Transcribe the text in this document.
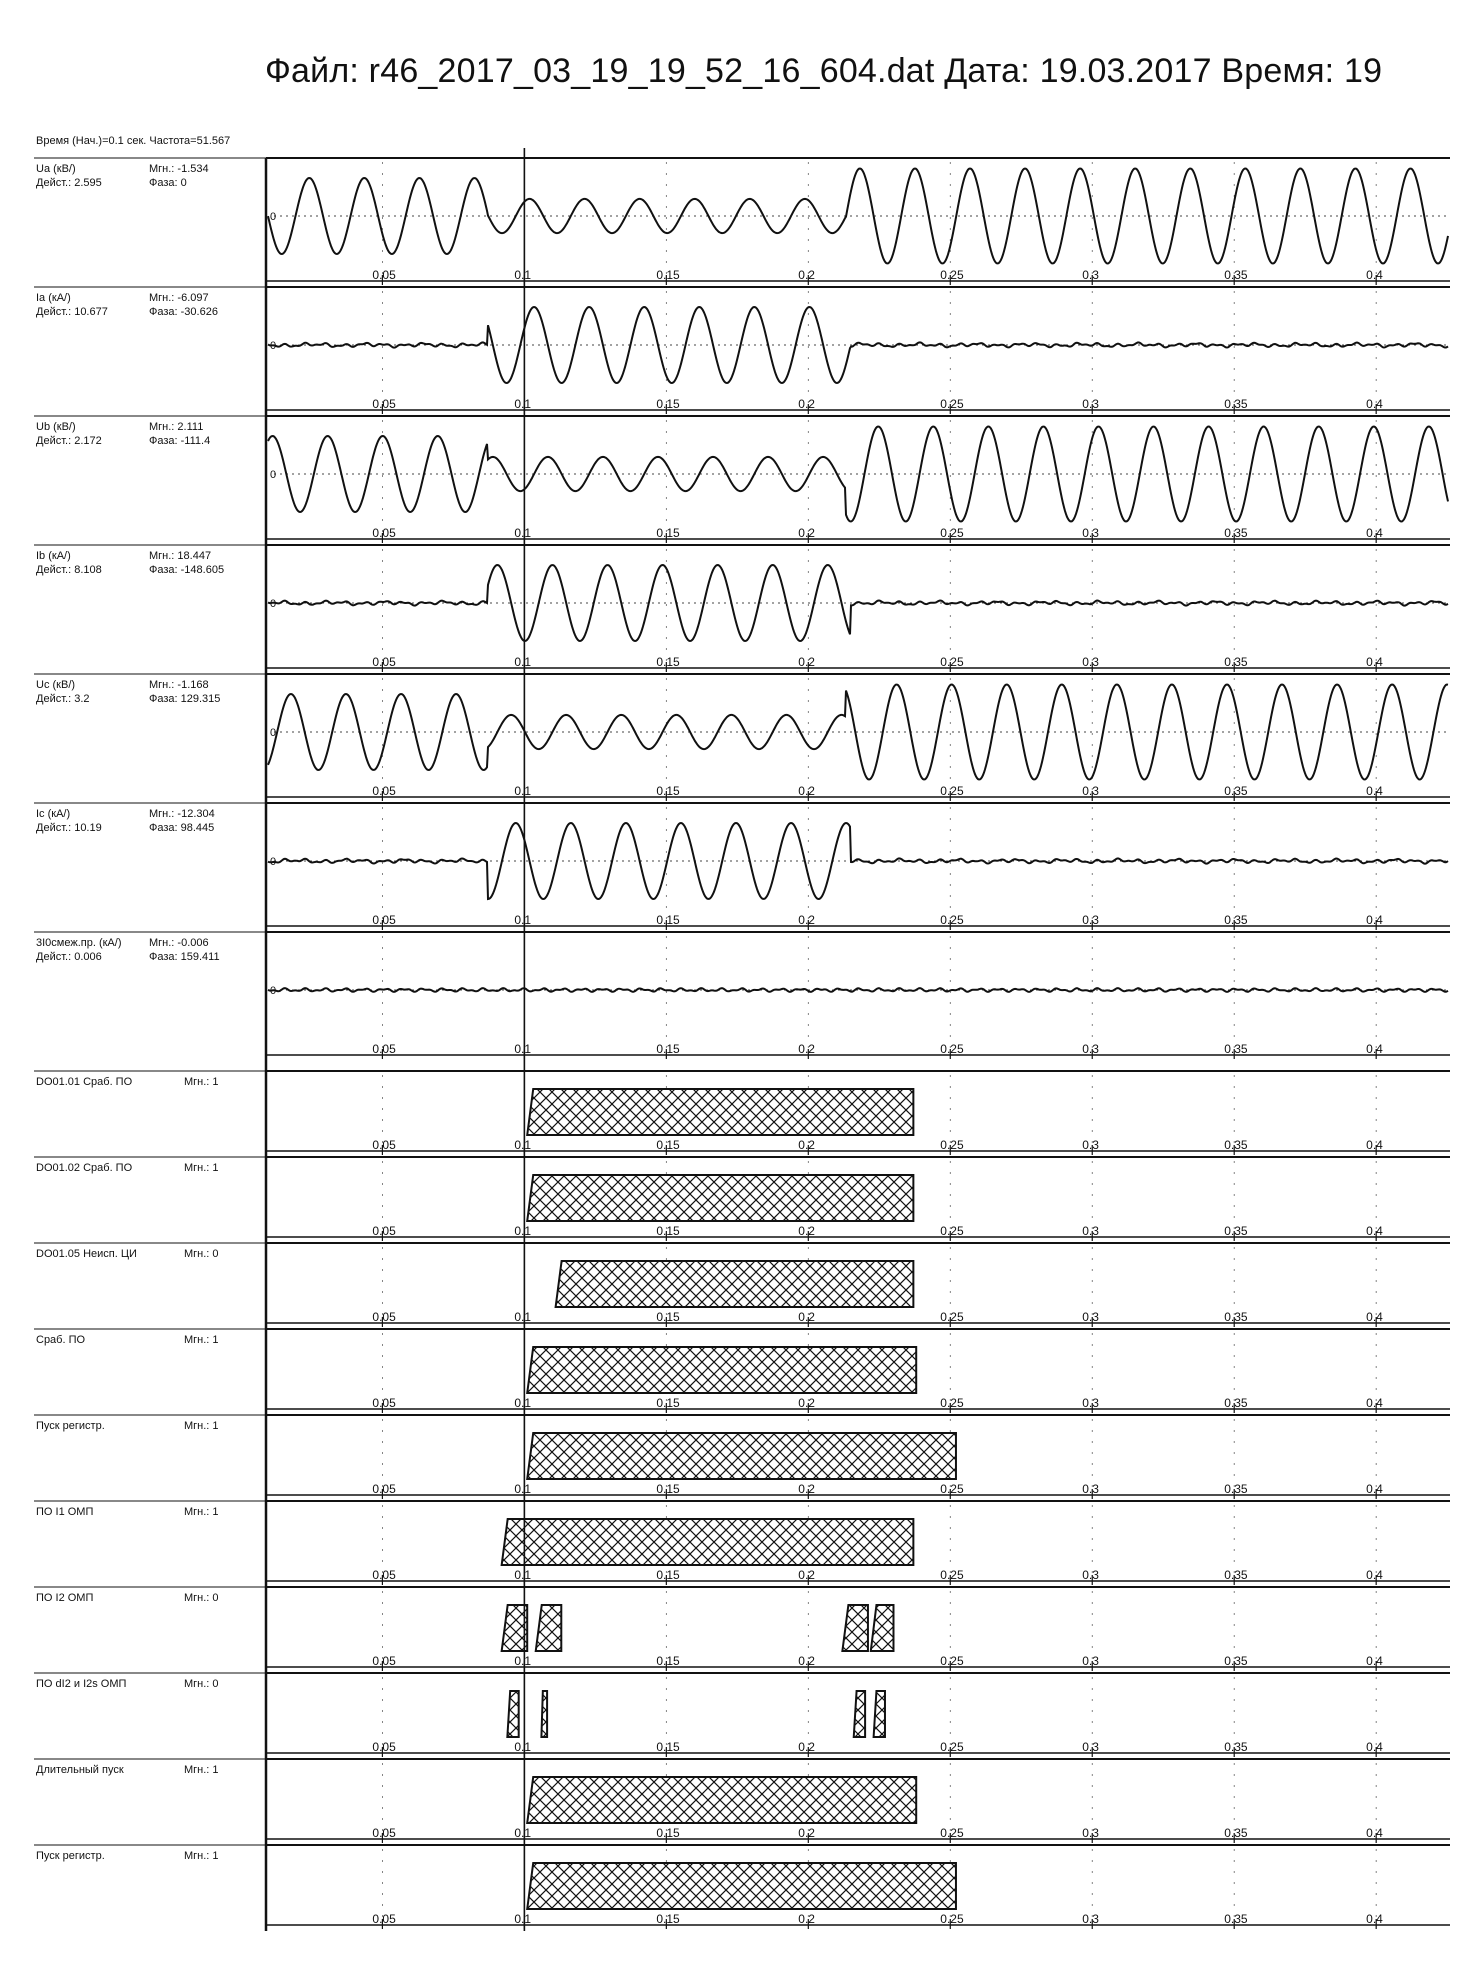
Файл: r46_2017_03_19_19_52_16_604.dat Дата: 19.03.2017 Время: 19
Время (Нач.)=0.1 сек. Частота=51.567
0.05	0.1	0.15	0.2	0.25	0.3	0.35	0.4
Ua (кВ/)
Дейст.: 2.595
Мгн.: -1.534
Фаза: 0
0
0.05	0.1	0.15	0.2	0.25	0.3	0.35	0.4
Ia (кА/)
Дейст.: 10.677
Мгн.: -6.097
Фаза: -30.626
0
0.05	0.1	0.15	0.2	0.25	0.3	0.35	0.4
Ub (кВ/)
Дейст.: 2.172
Мгн.: 2.111
Фаза: -111.4
0
0.05	0.1	0.15	0.2	0.25	0.3	0.35	0.4
Ib (кА/)
Дейст.: 8.108
Мгн.: 18.447
Фаза: -148.605
0
0.05	0.1	0.15	0.2	0.25	0.3	0.35	0.4
Uc (кВ/)
Дейст.: 3.2
Мгн.: -1.168
Фаза: 129.315
0
0.05	0.1	0.15	0.2	0.25	0.3	0.35	0.4
Ic (кА/)
Дейст.: 10.19
Мгн.: -12.304
Фаза: 98.445
0
0.05	0.1	0.15	0.2	0.25	0.3	0.35	0.4
3I0смеж.пр. (кА/)
Дейст.: 0.006
Мгн.: -0.006
Фаза: 159.411
0
0.05	0.1	0.15	0.2	0.25	0.3	0.35	0.4
DO01.01 Сраб. ПО	Мгн.: 1
0.05	0.1	0.15	0.2	0.25	0.3	0.35	0.4
DO01.02 Сраб. ПО	Мгн.: 1
0.05	0.1	0.15	0.2	0.25	0.3	0.35	0.4
DO01.05 Неисп. ЦИ	Мгн.: 0
0.05	0.1	0.15	0.2	0.25	0.3	0.35	0.4
Сраб. ПО	Мгн.: 1
0.05	0.1	0.15	0.2	0.25	0.3	0.35	0.4
Пуск регистр.	Мгн.: 1
0.05	0.1	0.15	0.2	0.25	0.3	0.35	0.4
ПО I1 ОМП	Мгн.: 1
0.05	0.1	0.15	0.2	0.25	0.3	0.35	0.4
ПО I2 ОМП	Мгн.: 0
0.05	0.1	0.15	0.2	0.25	0.3	0.35	0.4
ПО dI2 и I2s ОМП	Мгн.: 0
0.05	0.1	0.15	0.2	0.25	0.3	0.35	0.4
Длительный пуск	Мгн.: 1
0.05	0.1	0.15	0.2	0.25	0.3	0.35	0.4
Пуск регистр.	Мгн.: 1
